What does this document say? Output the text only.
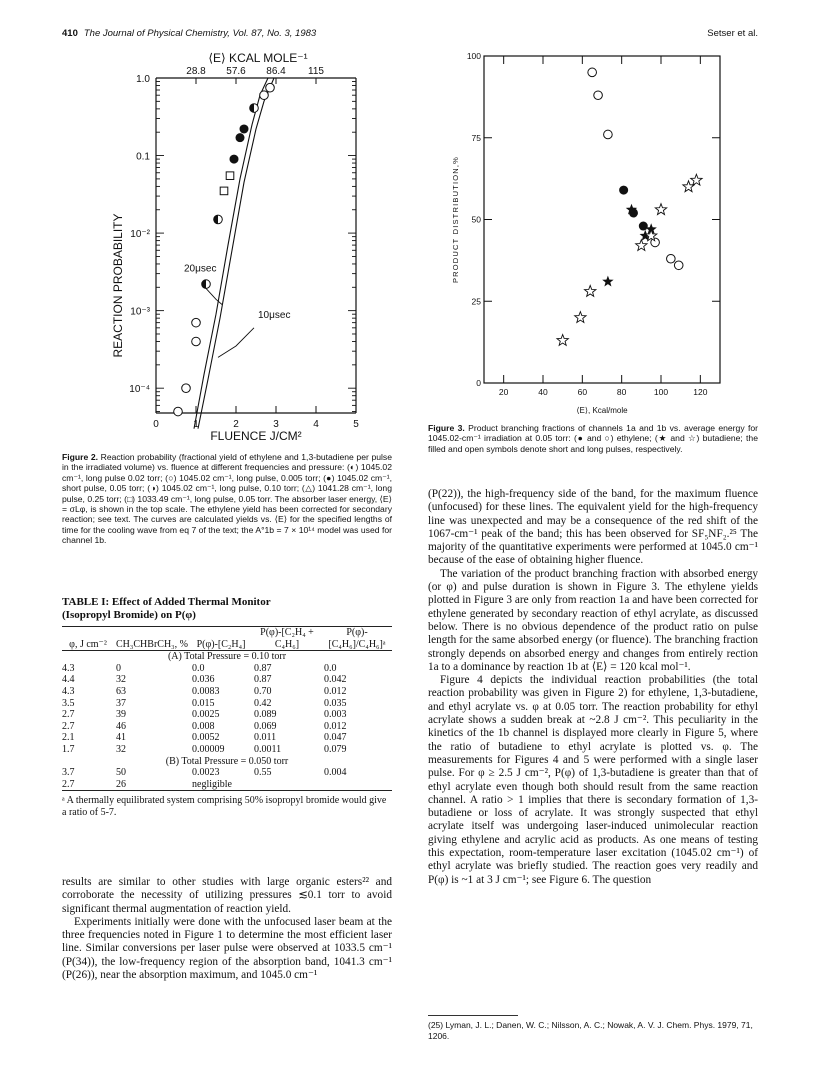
410 The Journal of Physical Chemistry, Vol. 87, No. 3, 1983	Setser et al.
1.0
0.1
10⁻²
10⁻³
10⁻⁴
0	1	2	3	4	5
FLUENCE J/CM²
REACTION PROBABILITY
28.8 57.6 86.4 115
⟨E⟩ KCAL MOLE⁻¹
20μsec
10μsec
Figure 2. Reaction probability (fractional yield of ethylene and 1,3-butadiene per pulse in the irradiated volume) vs. fluence at different frequencies and pressure: (◐) 1045.02 cm⁻¹, long pulse 0.02 torr; (○) 1045.02 cm⁻¹, long pulse, 0.005 torr; (●) 1045.02 cm⁻¹, short pulse, 0.05 torr; (◑) 1045.02 cm⁻¹, long pulse, 0.10 torr; (△) 1041.28 cm⁻¹, long pulse, 0.25 torr; (□) 1033.49 cm⁻¹, long pulse, 0.05 torr. The absorber laser energy, ⟨E⟩ = σLφ, is shown in the top scale. The ethylene yield has been corrected for secondary reaction; see text. The curves are calculated yields vs. ⟨E⟩ for the specified lengths of time for the cooling wave from eq 7 of the text; the A°1b = 7 × 10¹⁴ model was used for channel 1b.
TABLE I: Effect of Added Thermal Monitor
(Isopropyl Bromide) on P(φ)
φ, J cm⁻²	CH₃CHBrCH₃, %	P(φ)-[C₂H₄]	P(φ)-[C₂H₄ + C₄H₆]	P(φ)-[C₄H₆]/C₄H₆]ᵃ
(A) Total Pressure = 0.10 torr				
4.3	0	0.0	0.87	0.0
4.4	32	0.036	0.87	0.042
4.3	63	0.0083	0.70	0.012
3.5	37	0.015	0.42	0.035
2.7	39	0.0025	0.089	0.003
2.7	46	0.008	0.069	0.012
2.1	41	0.0052	0.011	0.047
1.7	32	0.00009	0.0011	0.079
(B) Total Pressure = 0.050 torr				
3.7	50	0.0023	0.55	0.004
2.7	26	negligible		
ᵃ A thermally equilibrated system comprising 50% isopropyl bromide would give a ratio of 5-7.

results are similar to other studies with large organic esters²² and corroborate the necessity of utilizing pressures ≲0.1 torr to avoid significant thermal augmentation of reaction yield.

Experiments initially were done with the unfocused laser beam at the three frequencies noted in Figure 1 to determine the most efficient laser line. Similar conversions per laser pulse were observed at 1033.5 cm⁻¹ (P(34)), the low-frequency region of the absorption band, 1041.3 cm⁻¹ (P(26)), near the absorption maximum, and 1045.0 cm⁻¹

0
25
50
75
100
20	40	60	80	100	120
⟨E⟩, Kcal/mole
PRODUCT DISTRIBUTION,%
Figure 3. Product branching fractions of channels 1a and 1b vs. average energy for 1045.02-cm⁻¹ irradiation at 0.05 torr: (● and ○) ethylene; (★ and ☆) butadiene; the filled and open symbols denote short and long pulses, respectively.

(P(22)), the high-frequency side of the band, for the maximum fluence (unfocused) for these lines. The equivalent yield for the high-frequency line was unexpected and may be a consequence of the red shift of the 1067-cm⁻¹ peak of the band; this has been observed for SF₅NF₂.²⁵ The majority of the quantitative experiments were performed at 1045.0 cm⁻¹ because of the ease of obtaining higher fluence.

The variation of the product branching fraction with absorbed energy (or φ) and pulse duration is shown in Figure 3. The ethylene yields plotted in Figure 3 are only from reaction 1a and have been corrected for ethylene generated by secondary reaction of ethyl acrylate, as discussed below. There is no obvious dependence of the product ratio on pulse length for the same absorbed energy (or fluence). The branching fraction strongly depends on absorbed energy and changes from entirely rection 1a to a dominance by reaction 1b at ⟨E⟩ = 120 kcal mol⁻¹.

Figure 4 depicts the individual reaction probabilities (the total reaction probability was given in Figure 2) for ethylene, 1,3-butadiene, and ethyl acrylate vs. φ at 0.05 torr. The reaction probability for ethyl acrylate shows a sudden break at ~2.8 J cm⁻². This peculiarity in the kinetics of the 1b channel is displayed more clearly in Figure 5, where the ratio of butadiene to ethyl acrylate is plotted vs. φ. The measurements for Figures 4 and 5 were performed with a single laser pulse. For φ ≥ 2.5 J cm⁻², P(φ) of 1,3-butadiene is greater than that of ethyl acrylate even though both should result from the same reaction channel. A ratio > 1 implies that there is secondary formation of 1,3-butadiene or loss of acrylate. It was strongly suspected that ethyl acrylate itself was undergoing laser-induced unimolecular reaction giving ethylene and acrylic acid as products. As one means of testing this expectation, room-temperature laser excitation (1045.02 cm⁻¹) of ethyl acrylate was briefly studied. The reaction goes very readily and P(φ) is ~1 at 3 J cm⁻¹; see Figure 6. The question

(25) Lyman, J. L.; Danen, W. C.; Nilsson, A. C.; Nowak, A. V. J. Chem. Phys. 1979, 71, 1206.
